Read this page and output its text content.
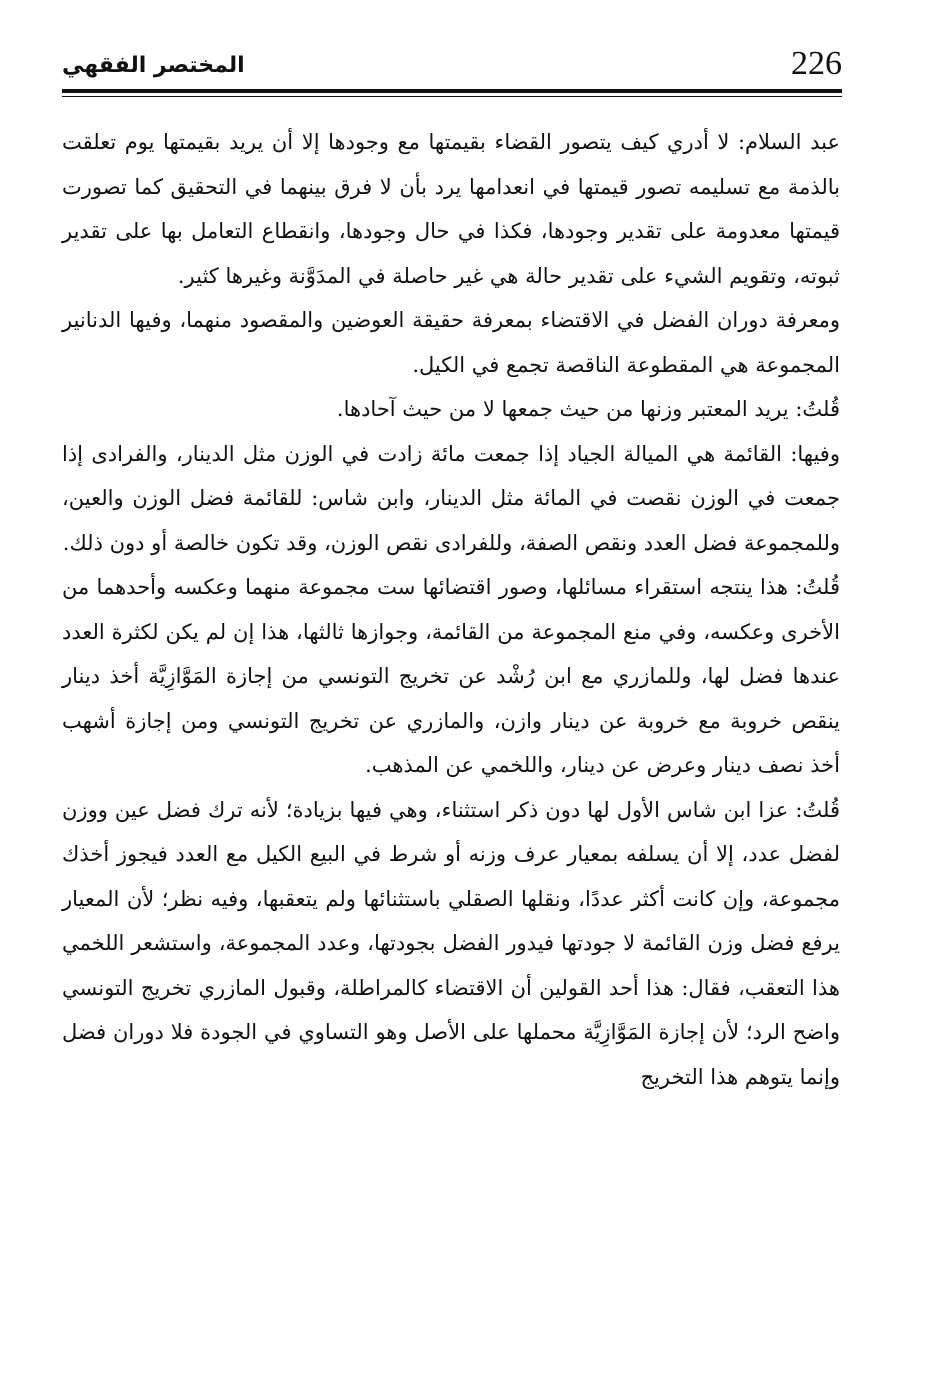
226
المختصر الفقهي

عبد السلام: لا أدري كيف يتصور القضاء بقيمتها مع وجودها إلا أن يريد بقيمتها يوم تعلقت بالذمة مع تسليمه تصور قيمتها في انعدامها يرد بأن لا فرق بينهما في التحقيق كما تصورت قيمتها معدومة على تقدير وجودها، فكذا في حال وجودها، وانقطاع التعامل بها على تقدير ثبوته، وتقويم الشيء على تقدير حالة هي غير حاصلة في المدَوَّنة وغيرها كثير.

ومعرفة دوران الفضل في الاقتضاء بمعرفة حقيقة العوضين والمقصود منهما، وفيها الدنانير المجموعة هي المقطوعة الناقصة تجمع في الكيل.

قُلتُ: يريد المعتبر وزنها من حيث جمعها لا من حيث آحادها.

وفيها: القائمة هي الميالة الجياد إذا جمعت مائة زادت في الوزن مثل الدينار، والفرادى إذا جمعت في الوزن نقصت في المائة مثل الدينار، وابن شاس: للقائمة فضل الوزن والعين، وللمجموعة فضل العدد ونقص الصفة، وللفرادى نقص الوزن، وقد تكون خالصة أو دون ذلك.

قُلتُ: هذا ينتجه استقراء مسائلها، وصور اقتضائها ست مجموعة منهما وعكسه وأحدهما من الأخرى وعكسه، وفي منع المجموعة من القائمة، وجوازها ثالثها، هذا إن لم يكن لكثرة العدد عندها فضل لها، وللمازري مع ابن رُشْد عن تخريج التونسي من إجازة المَوَّازِيَّة أخذ دينار ينقص خروبة مع خروبة عن دينار وازن، والمازري عن تخريج التونسي ومن إجازة أشهب أخذ نصف دينار وعرض عن دينار، واللخمي عن المذهب.

قُلتُ: عزا ابن شاس الأول لها دون ذكر استثناء، وهي فيها بزيادة؛ لأنه ترك فضل عين ووزن لفضل عدد، إلا أن يسلفه بمعيار عرف وزنه أو شرط في البيع الكيل مع العدد فيجوز أخذك مجموعة، وإن كانت أكثر عددًا، ونقلها الصقلي باستثنائها ولم يتعقبها، وفيه نظر؛ لأن المعيار يرفع فضل وزن القائمة لا جودتها فيدور الفضل بجودتها، وعدد المجموعة، واستشعر اللخمي هذا التعقب، فقال: هذا أحد القولين أن الاقتضاء كالمراطلة، وقبول المازري تخريج التونسي واضح الرد؛ لأن إجازة المَوَّازِيَّة محملها على الأصل وهو التساوي في الجودة فلا دوران فضل وإنما يتوهم هذا التخريج
